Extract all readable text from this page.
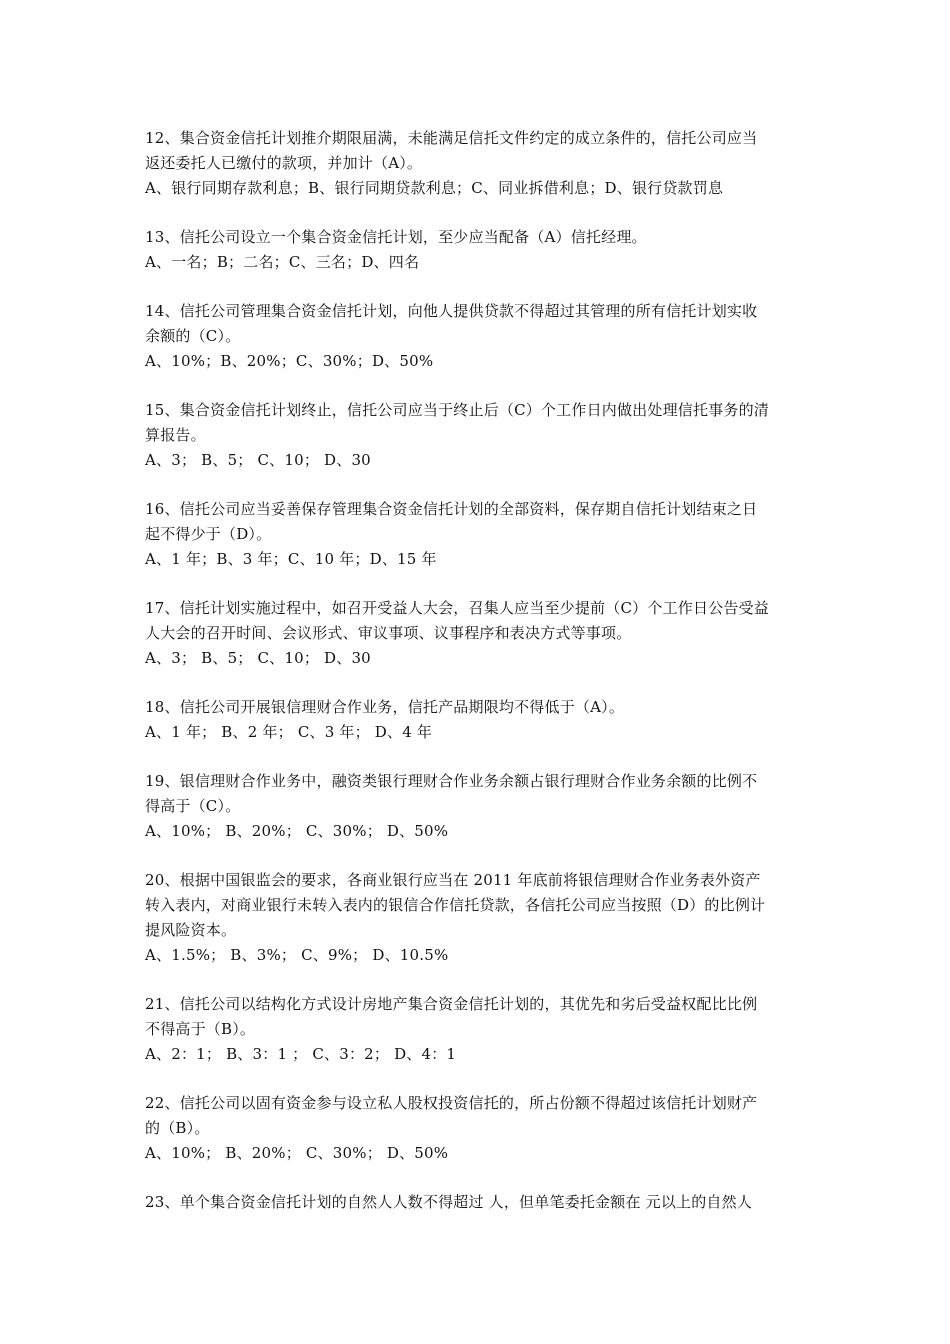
12、集合资金信托计划推介期限届满，未能满足信托文件约定的成立条件的，信托公司应当
返还委托人已缴付的款项，并加计（A）。
A、银行同期存款利息；B、银行同期贷款利息；C、同业拆借利息；D、银行贷款罚息
13、信托公司设立一个集合资金信托计划，至少应当配备（A）信托经理。
A、一名；B；二名；C、三名；D、四名
14、信托公司管理集合资金信托计划，向他人提供贷款不得超过其管理的所有信托计划实收
余额的（C）。
A、10%；B、20%；C、30%；D、50%
15、集合资金信托计划终止，信托公司应当于终止后（C）个工作日内做出处理信托事务的清
算报告。
A、3； B、5； C、10； D、30
16、信托公司应当妥善保存管理集合资金信托计划的全部资料，保存期自信托计划结束之日
起不得少于（D）。
A、1 年；B、3 年；C、10 年；D、15 年
17、信托计划实施过程中，如召开受益人大会，召集人应当至少提前（C）个工作日公告受益
人大会的召开时间、会议形式、审议事项、议事程序和表决方式等事项。
A、3； B、5； C、10； D、30
18、信托公司开展银信理财合作业务，信托产品期限均不得低于（A）。
A、1 年； B、2 年； C、3 年； D、4 年
19、银信理财合作业务中，融资类银行理财合作业务余额占银行理财合作业务余额的比例不
得高于（C）。
A、10%； B、20%； C、30%； D、50%
20、根据中国银监会的要求，各商业银行应当在 2011 年底前将银信理财合作业务表外资产
转入表内，对商业银行未转入表内的银信合作信托贷款，各信托公司应当按照（D）的比例计
提风险资本。
A、1.5%； B、3%； C、9%； D、10.5%
21、信托公司以结构化方式设计房地产集合资金信托计划的，其优先和劣后受益权配比比例
不得高于（B）。
A、2：1； B、3：1 ； C、3：2； D、4：1
22、信托公司以固有资金参与设立私人股权投资信托的，所占份额不得超过该信托计划财产
的（B）。
A、10%； B、20%； C、30%； D、50%
23、单个集合资金信托计划的自然人人数不得超过 人，但单笔委托金额在 元以上的自然人
